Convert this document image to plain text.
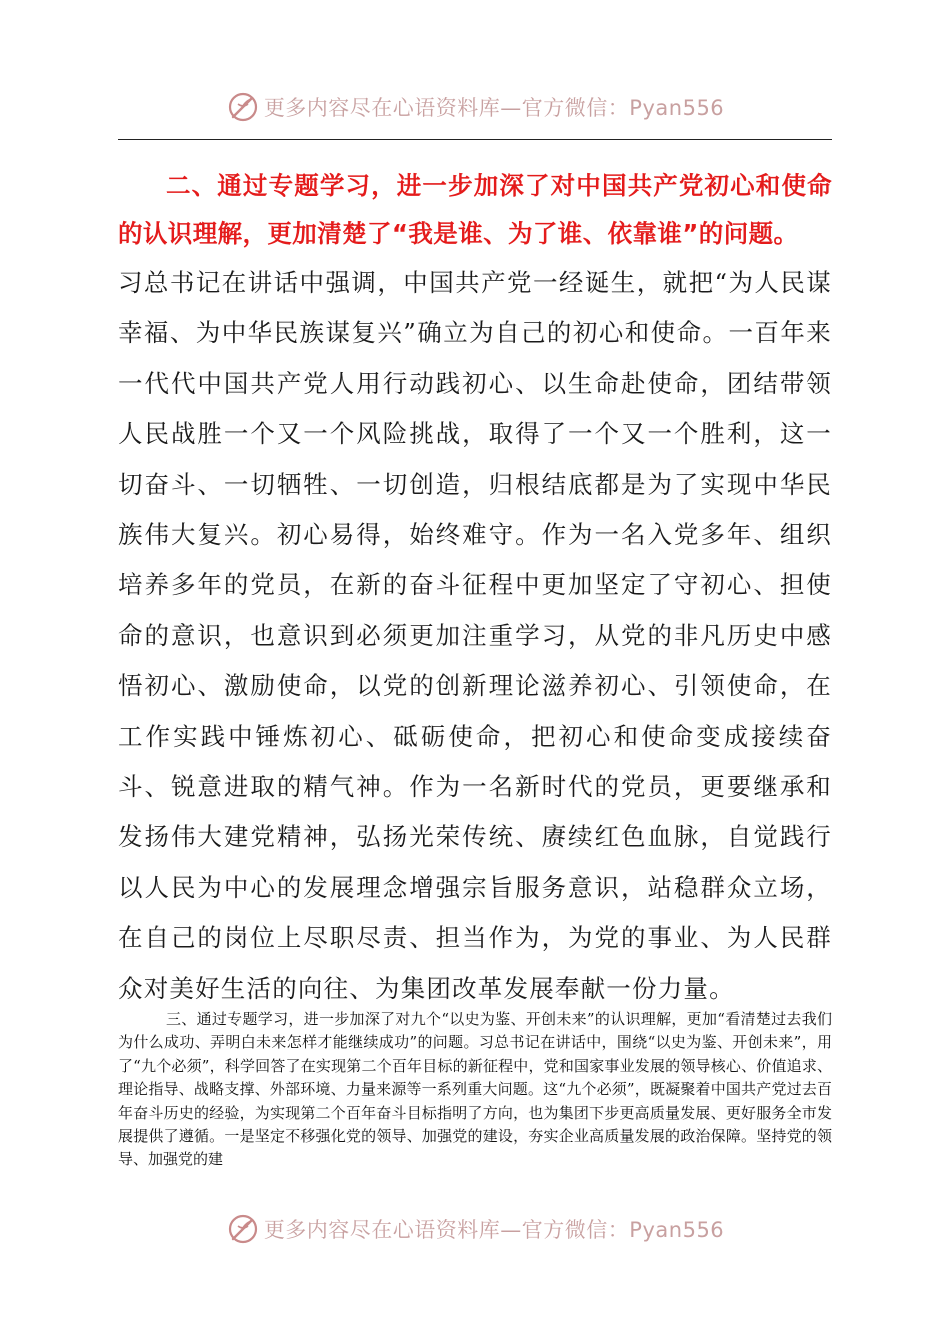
更多内容尽在心语资料库—官方微信：Pyan556

二、通过专题学习，进一步加深了对中国共产党初心和使命的认识理解，更加清楚了“我是谁、为了谁、依靠谁”的问题。

习总书记在讲话中强调，中国共产党一经诞生，就把“为人民谋幸福、为中华民族谋复兴”确立为自己的初心和使命。一百年来一代代中国共产党人用行动践初心、以生命赴使命，团结带领人民战胜一个又一个风险挑战，取得了一个又一个胜利，这一切奋斗、一切牺牲、一切创造，归根结底都是为了实现中华民族伟大复兴。初心易得，始终难守。作为一名入党多年、组织培养多年的党员，在新的奋斗征程中更加坚定了守初心、担使命的意识，也意识到必须更加注重学习，从党的非凡历史中感悟初心、激励使命，以党的创新理论滋养初心、引领使命，在工作实践中锤炼初心、砥砺使命，把初心和使命变成接续奋斗、锐意进取的精气神。作为一名新时代的党员，更要继承和发扬伟大建党精神，弘扬光荣传统、赓续红色血脉，自觉践行以人民为中心的发展理念增强宗旨服务意识，站稳群众立场，在自己的岗位上尽职尽责、担当作为，为党的事业、为人民群众对美好生活的向往、为集团改革发展奉献一份力量。

三、通过专题学习，进一步加深了对九个“以史为鉴、开创未来”的认识理解，更加“看清楚过去我们为什么成功、弄明白未来怎样才能继续成功”的问题。习总书记在讲话中，围绕“以史为鉴、开创未来”，用了“九个必须”，科学回答了在实现第二个百年目标的新征程中，党和国家事业发展的领导核心、价值追求、理论指导、战略支撑、外部环境、力量来源等一系列重大问题。这“九个必须”，既凝聚着中国共产党过去百年奋斗历史的经验，为实现第二个百年奋斗目标指明了方向，也为集团下步更高质量发展、更好服务全市发展提供了遵循。一是坚定不移强化党的领导、加强党的建设，夯实企业高质量发展的政治保障。坚持党的领导、加强党的建

更多内容尽在心语资料库—官方微信：Pyan556
